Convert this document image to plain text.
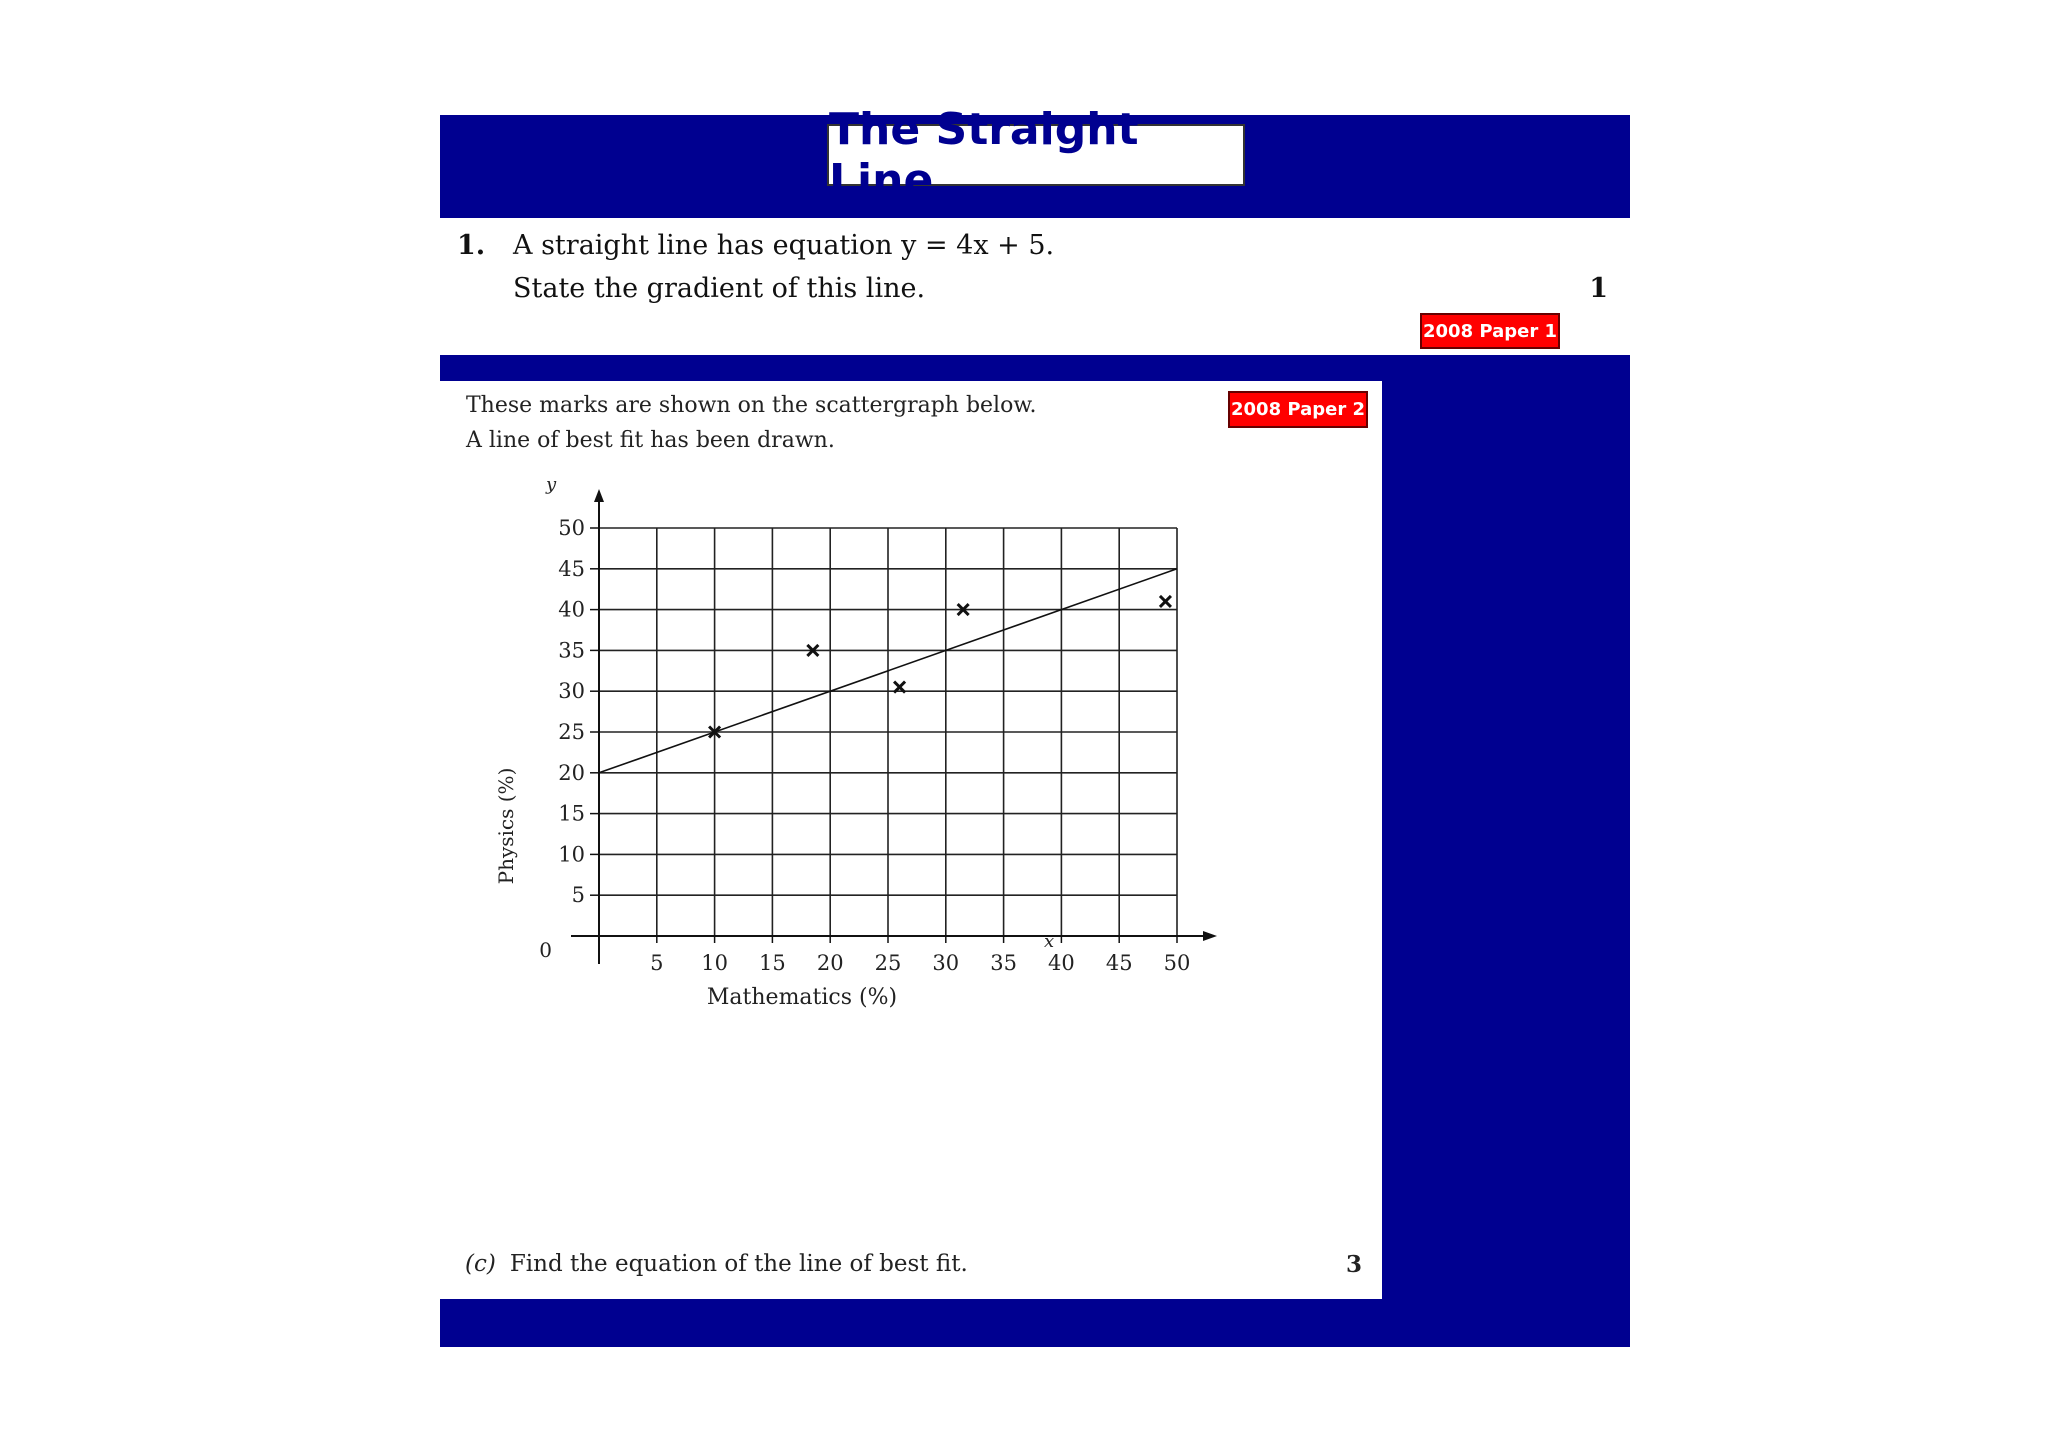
The Straight Line
1. A straight line has equation y = 4x + 5.
State the gradient of this line.	1
2008 Paper 1
These marks are shown on the scattergraph below.
A line of best fit has been drawn.
2008 Paper 2
5 10 15 20 25 30 35 40 45 50
5
10
15
20
25
30
35
40
45
50
Mathematics (%)
Physics (%)
x
y
0
(c) Find the equation of the line of best fit.	3
